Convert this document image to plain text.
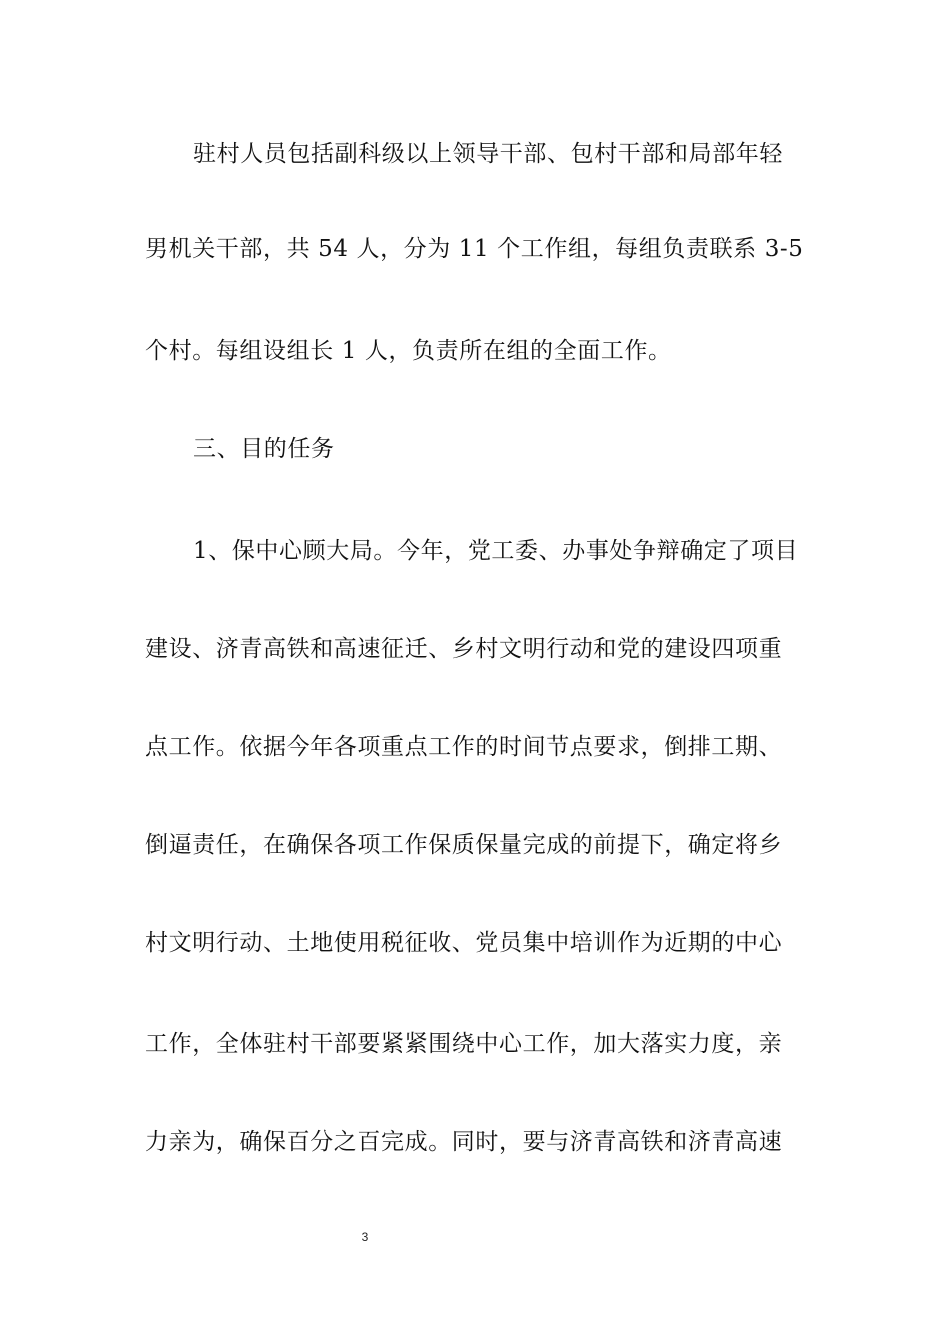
驻村人员包括副科级以上领导干部、包村干部和局部年轻
男机关干部，共 54 人，分为 11 个工作组，每组负责联系 3-5
个村。每组设组长 1 人，负责所在组的全面工作。
三、目的任务
1、保中心顾大局。今年，党工委、办事处争辩确定了项目
建设、济青高铁和高速征迁、乡村文明行动和党的建设四项重
点工作。依据今年各项重点工作的时间节点要求，倒排工期、
倒逼责任，在确保各项工作保质保量完成的前提下，确定将乡
村文明行动、土地使用税征收、党员集中培训作为近期的中心
工作，全体驻村干部要紧紧围绕中心工作，加大落实力度，亲
力亲为，确保百分之百完成。同时，要与济青高铁和济青高速
3
